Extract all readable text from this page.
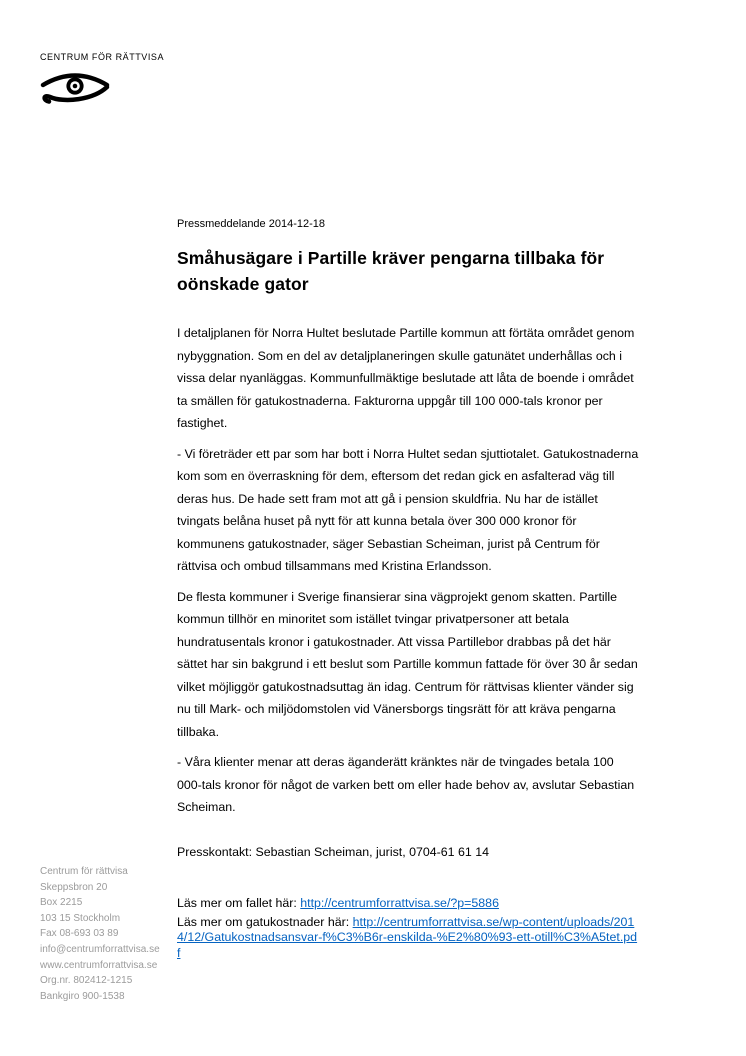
CENTRUM FÖR RÄTTVISA

Pressmeddelande 2014-12-18

Småhusägare i Partille kräver pengarna tillbaka för oönskade gator

I detaljplanen för Norra Hultet beslutade Partille kommun att förtäta området genom nybyggnation. Som en del av detaljplaneringen skulle gatunätet underhållas och i vissa delar nyanläggas. Kommunfullmäktige beslutade att låta de boende i området ta smällen för gatukostnaderna. Fakturorna uppgår till 100 000-tals kronor per fastighet.

- Vi företräder ett par som har bott i Norra Hultet sedan sjuttiotalet. Gatukostnaderna kom som en överraskning för dem, eftersom det redan gick en asfalterad väg till deras hus. De hade sett fram mot att gå i pension skuldfria. Nu har de istället tvingats belåna huset på nytt för att kunna betala över 300 000 kronor för kommunens gatukostnader, säger Sebastian Scheiman, jurist på Centrum för rättvisa och ombud tillsammans med Kristina Erlandsson.

De flesta kommuner i Sverige finansierar sina vägprojekt genom skatten. Partille kommun tillhör en minoritet som istället tvingar privatpersoner att betala hundratusentals kronor i gatukostnader. Att vissa Partillebor drabbas på det här sättet har sin bakgrund i ett beslut som Partille kommun fattade för över 30 år sedan vilket möjliggör gatukostnadsuttag än idag. Centrum för rättvisas klienter vänder sig nu till Mark- och miljödomstolen vid Vänersborgs tingsrätt för att kräva pengarna tillbaka.

- Våra klienter menar att deras äganderätt kränktes när de tvingades betala 100 000-tals kronor för något de varken bett om eller hade behov av, avslutar Sebastian Scheiman.

Presskontakt: Sebastian Scheiman, jurist, 0704-61 61 14

Läs mer om fallet här: http://centrumforrattvisa.se/?p=5886

Läs mer om gatukostnader här: http://centrumforrattvisa.se/wp-content/uploads/2014/12/Gatukostnadsansvar-f%C3%B6r-enskilda-%E2%80%93-ett-otill%C3%A5tet.pdf

Centrum för rättvisa
Skeppsbron 20
Box 2215
103 15 Stockholm
Fax 08-693 03 89
info@centrumforrattvisa.se
www.centrumforrattvisa.se
Org.nr. 802412-1215
Bankgiro 900-1538
